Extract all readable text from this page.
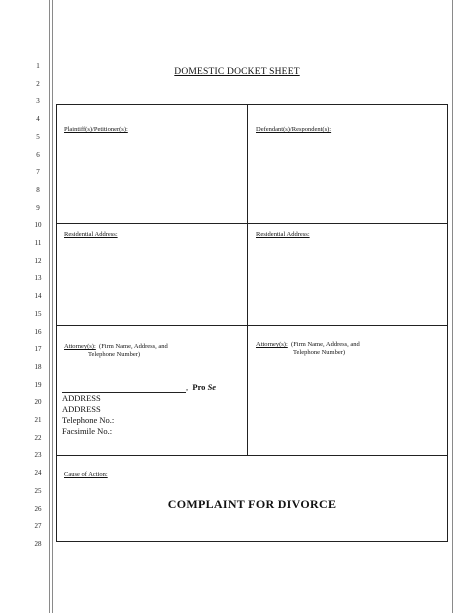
1
2
3
4
5
6
7
8
9
10
11
12
13
14
15
16
17
18
19
20
21
22
23
24
25
26
27
28
DOMESTIC DOCKET SHEET
Plaintiff(s)/Petitioner(s):	Defendant(s)/Respondent(s):
Residential Address:	Residential Address:
Attorney(s): (Firm Name, Address, and
Telephone Number)
, Pro Se
ADDRESS
ADDRESS
Telephone No.:
Facsimile No.:
Attorney(s): (Firm Name, Address, and
Telephone Number)
Cause of Action:
COMPLAINT FOR DIVORCE
